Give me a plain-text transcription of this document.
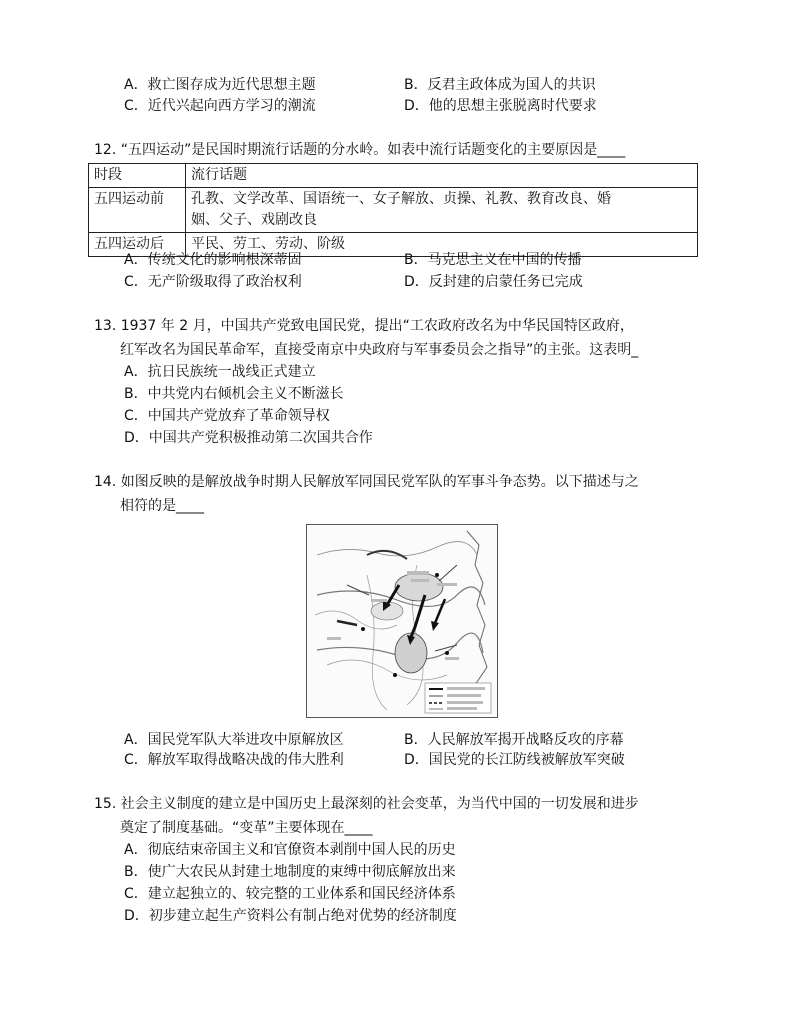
A．救亡图存成为近代思想主题	B．反君主政体成为国人的共识
C．近代兴起向西方学习的潮流	D．他的思想主张脱离时代要求
12. “五四运动”是民国时期流行话题的分水岭。如表中流行话题变化的主要原因是____
时段	流行话题
五四运动前	孔教、文学改革、国语统一、女子解放、贞操、礼教、教育改良、婚
姻、父子、戏剧改良

五四运动后	平民、劳工、劳动、阶级
A．传统文化的影响根深蒂固	B．马克思主义在中国的传播
C．无产阶级取得了政治权利	D．反封建的启蒙任务已完成
13. 1937 年 2 月，中国共产党致电国民党，提出“工农政府改名为中华民国特区政府，
红军改名为国民革命军，直接受南京中央政府与军事委员会之指导”的主张。这表明_
A．抗日民族统一战线正式建立
B．中共党内右倾机会主义不断滋长
C．中国共产党放弃了革命领导权
D．中国共产党积极推动第二次国共合作
14. 如图反映的是解放战争时期人民解放军同国民党军队的军事斗争态势。以下描述与之
相符的是____
A．国民党军队大举进攻中原解放区	B．人民解放军揭开战略反攻的序幕
C．解放军取得战略决战的伟大胜利	D．国民党的长江防线被解放军突破
15. 社会主义制度的建立是中国历史上最深刻的社会变革，为当代中国的一切发展和进步
奠定了制度基础。“变革”主要体现在____
A．彻底结束帝国主义和官僚资本剥削中国人民的历史
B．使广大农民从封建土地制度的束缚中彻底解放出来
C．建立起独立的、较完整的工业体系和国民经济体系
D．初步建立起生产资料公有制占绝对优势的经济制度
